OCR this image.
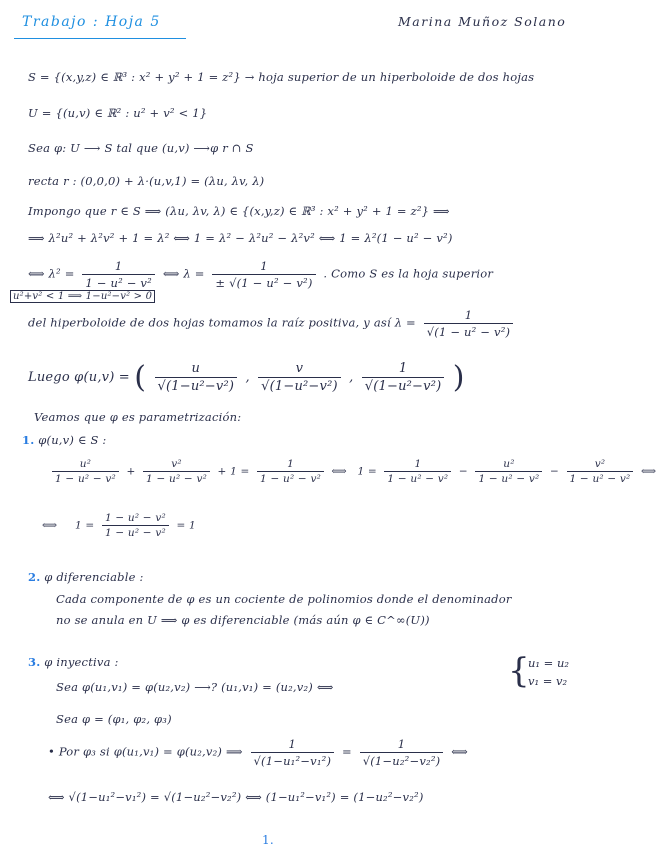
Trabajo : Hoja 5	Marina Muñoz Solano
S = {(x,y,z) ∈ ℝ³ : x² + y² + 1 = z²} → hoja superior de un hiperboloide de dos hojas
U = {(u,v) ∈ ℝ² : u² + v² < 1}
Sea φ: U ⟶ S tal que (u,v) ⟶φ r ∩ S
recta r : (0,0,0) + λ·(u,v,1) = (λu, λv, λ)
Impongo que r ∈ S ⟹ (λu, λv, λ) ∈ {(x,y,z) ∈ ℝ³ : x² + y² + 1 = z²} ⟹
⟹ λ²u² + λ²v² + 1 = λ² ⟺ 1 = λ² − λ²u² − λ²v² ⟺ 1 = λ²(1 − u² − v²)
⟺ $\lambda^2 = \frac{1}{\text{1 − u² − v²}}$ ⟺ $\lambda = \frac{1}{\text{± √(1 − u² − v²)}}$ . Como S es la hoja superior
u²+v² < 1 ⟹ 1−u²−v² > 0
del hiperboloide de dos hojas tomamos la raíz positiva, y así $\lambda = \frac{1}{\text{√(1 − u² − v²)}}$
Luego φ(u,v) = ( $\frac{u}{\text{√(1−u²−v²)}}$ , $\frac{v}{\text{√(1−u²−v²)}}$ , $\frac{1}{\text{√(1−u²−v²)}}$ )
Veamos que φ es parametrización:
1. φ(u,v) ∈ S :
$\frac{\text{u²}}{\text{1 − u² − v²}} + \frac{\text{v²}}{\text{1 − u² − v²}} + 1 = \frac{1}{\text{1 − u² − v²}}$ ⟺ $1 = \frac{1}{\text{1 − u² − v²}} - \frac{\text{u²}}{\text{1 − u² − v²}} - \frac{\text{v²}}{\text{1 − u² − v²}}$ ⟺
⟺ $1 = \frac{\text{1 − u² − v²}}{\text{1 − u² − v²}} = 1$
2. φ diferenciable :
Cada componente de φ es un cociente de polinomios donde el denominador
no se anula en U ⟹ φ es diferenciable (más aún φ ∈ C^∞(U))
3. φ inyectiva :
Sea φ(u₁,v₁) = φ(u₂,v₂) ⟶? (u₁,v₁) = (u₂,v₂) ⟺	{
u₁ = u₂
v₁ = v₂
Sea φ = (φ₁, φ₂, φ₃)
• Por φ₃ si φ(u₁,v₁) = φ(u₂,v₂) ⟹ $\frac{1}{\text{√(1−u₁²−v₁²)}} = \frac{1}{\text{√(1−u₂²−v₂²)}}$ ⟺
⟺ √(1−u₁²−v₁²) = √(1−u₂²−v₂²) ⟺ (1−u₁²−v₁²) = (1−u₂²−v₂²)
1.
